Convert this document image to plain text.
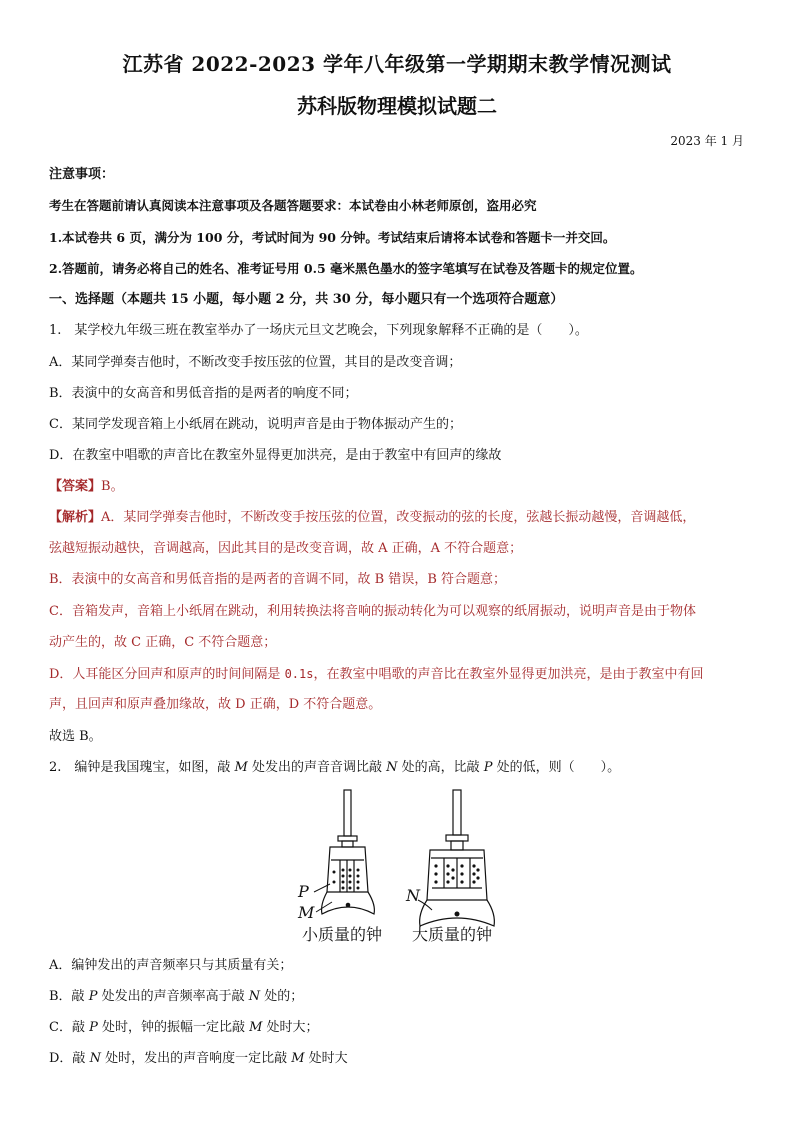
江苏省 2022-2023 学年八年级第一学期期末教学情况测试
苏科版物理模拟试题二
2023 年 1 月
注意事项：
考生在答题前请认真阅读本注意事项及各题答题要求：本试卷由小林老师原创，盗用必究
1.本试卷共 6 页，满分为 100 分，考试时间为 90 分钟。考试结束后请将本试卷和答题卡一并交回。
2.答题前，请务必将自己的姓名、准考证号用 0.5 毫米黑色墨水的签字笔填写在试卷及答题卡的规定位置。
一、选择题（本题共 15 小题，每小题 2 分，共 30 分，每小题只有一个选项符合题意）
1.　某学校九年级三班在教室举办了一场庆元旦文艺晚会，下列现象解释不正确的是（　　）。
A．某同学弹奏吉他时，不断改变手按压弦的位置，其目的是改变音调；
B．表演中的女高音和男低音指的是两者的响度不同；
C．某同学发现音箱上小纸屑在跳动，说明声音是由于物体振动产生的；
D．在教室中唱歌的声音比在教室外显得更加洪亮，是由于教室中有回声的缘故
【答案】B。
【解析】A．某同学弹奏吉他时，不断改变手按压弦的位置，改变振动的弦的长度，弦越长振动越慢，音调越低，
弦越短振动越快，音调越高，因此其目的是改变音调，故 A 正确，A 不符合题意；
B．表演中的女高音和男低音指的是两者的音调不同，故 B 错误，B 符合题意；
C．音箱发声，音箱上小纸屑在跳动，利用转换法将音响的振动转化为可以观察的纸屑振动，说明声音是由于物体
动产生的，故 C 正确，C 不符合题意；
D．人耳能区分回声和原声的时间间隔是 0.1s，在教室中唱歌的声音比在教室外显得更加洪亮，是由于教室中有回
声，且回声和原声叠加缘故，故 D 正确，D 不符合题意。
故选 B。
2.　编钟是我国瑰宝，如图，敲 M 处发出的声音音调比敲 N 处的高，比敲 P 处的低，则（　　）。
P
M
N
小质量的钟 大质量的钟
A．编钟发出的声音频率只与其质量有关；
B．敲 P 处发出的声音频率高于敲 N 处的；
C．敲 P 处时，钟的振幅一定比敲 M 处时大；
D．敲 N 处时，发出的声音响度一定比敲 M 处时大
